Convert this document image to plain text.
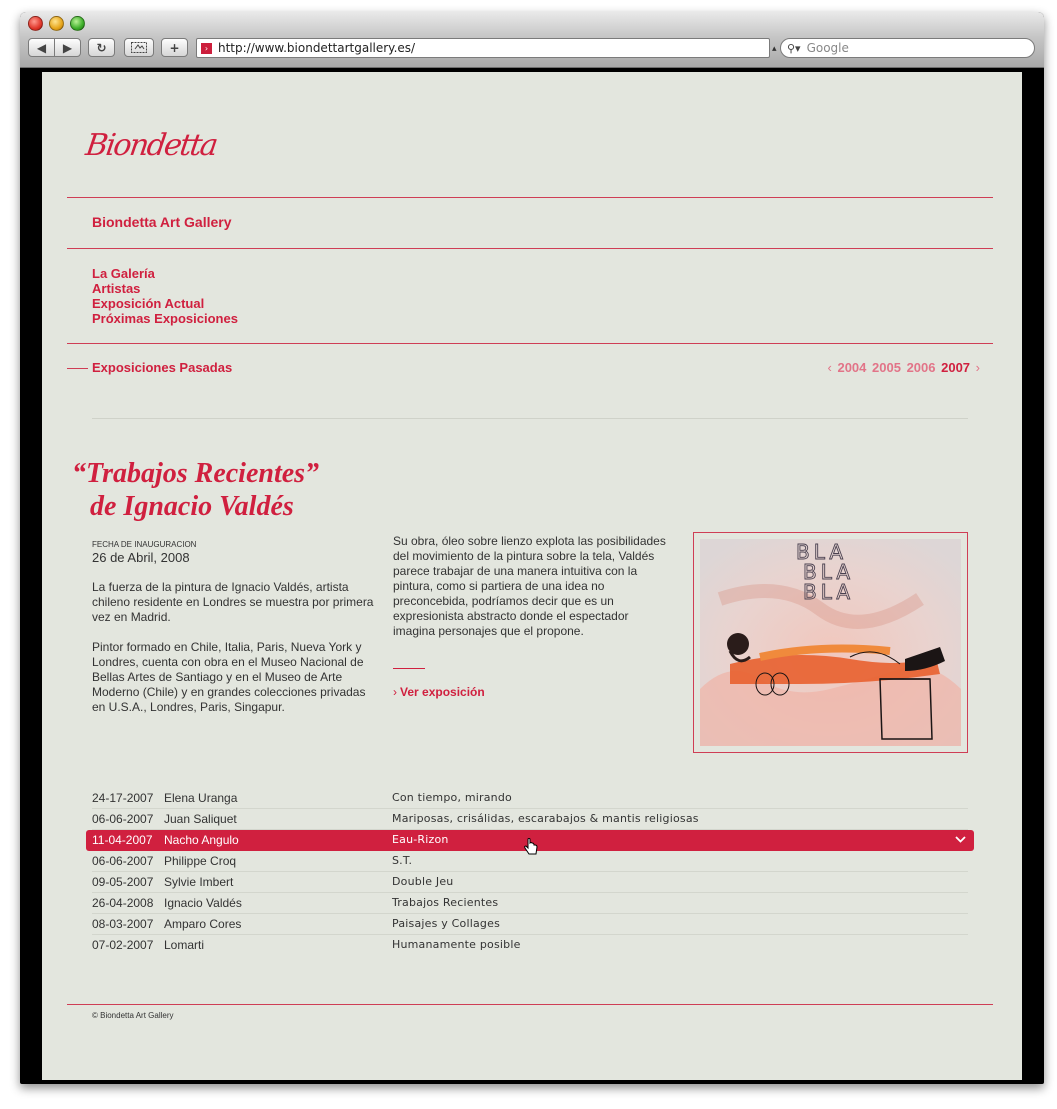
◀ ▶ ↻	+	› http://www.biondettartgallery.es/	▴ ⚲▾ Google
Biondetta
Biondetta Art Gallery
La Galería
Artistas
Exposición Actual
Próximas Exposiciones
Exposiciones Pasadas	‹ 2004 2005 2006 2007 ›
“Trabajos Recientes”
de Ignacio Valdés
FECHA DE INAUGURACION
26 de Abril, 2008

La fuerza de la pintura de Ignacio Valdés, artista chileno residente en Londres se muestra por primera vez en Madrid.

Pintor formado en Chile, Italia, Paris, Nueva York y Londres, cuenta con obra en el Museo Nacional de Bellas Artes de Santiago y en el Museo de Arte Moderno (Chile) y en grandes colecciones privadas en U.S.A., Londres, Paris, Singapur.

Su obra, óleo sobre lienzo explota las posibilidades del movimiento de la pintura sobre la tela, Valdés parece trabajar de una manera intuitiva con la pintura, como si partiera de una idea no preconcebida, podríamos decir que es un expresionista abstracto donde el espectador imagina personajes que el propone.

› Ver exposición
BLA
BLA
BLA
24-17-2007 Elena Uranga	Con tiempo, mirando
06-06-2007 Juan Saliquet	Mariposas, crisálidas, escarabajos & mantis religiosas
11-04-2007 Nacho Angulo	Eau-Rizon
06-06-2007 Philippe Croq	S.T.
09-05-2007 Sylvie Imbert	Double Jeu
26-04-2008 Ignacio Valdés	Trabajos Recientes
08-03-2007 Amparo Cores	Paisajes y Collages
07-02-2007 Lomarti	Humanamente posible
© Biondetta Art Gallery
